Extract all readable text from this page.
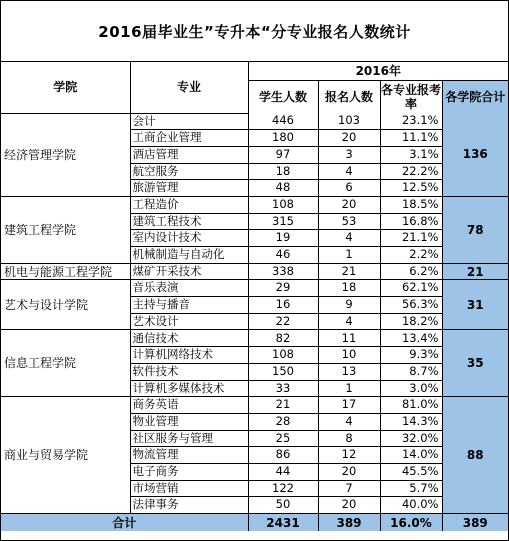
2016届毕业生”专升本“分专业报名人数统计
学院	专业	2016年			
		学生人数	报名人数	各专业报考率	各学院合计
经济管理学院	会计	446	103	23.1%	136
	工商企业管理	180	20	11.1%	
	酒店管理	97	3	3.1%	
	航空服务	18	4	22.2%	
	旅游管理	48	6	12.5%	
建筑工程学院	工程造价	108	20	18.5%	78
	建筑工程技术	315	53	16.8%	
	室内设计技术	19	4	21.1%	
	机械制造与自动化	46	1	2.2%	
机电与能源工程学院	煤矿开采技术	338	21	6.2%	21
艺术与设计学院	音乐表演	29	18	62.1%	31
	主持与播音	16	9	56.3%	
	艺术设计	22	4	18.2%	
信息工程学院	通信技术	82	11	13.4%	35
	计算机网络技术	108	10	9.3%	
	软件技术	150	13	8.7%	
	计算机多媒体技术	33	1	3.0%	
商业与贸易学院	商务英语	21	17	81.0%	88
	物业管理	28	4	14.3%	
	社区服务与管理	25	8	32.0%	
	物流管理	86	12	14.0%	
	电子商务	44	20	45.5%	
	市场营销	122	7	5.7%	
	法律事务	50	20	40.0%	
合计		2431	389	16.0%	389
